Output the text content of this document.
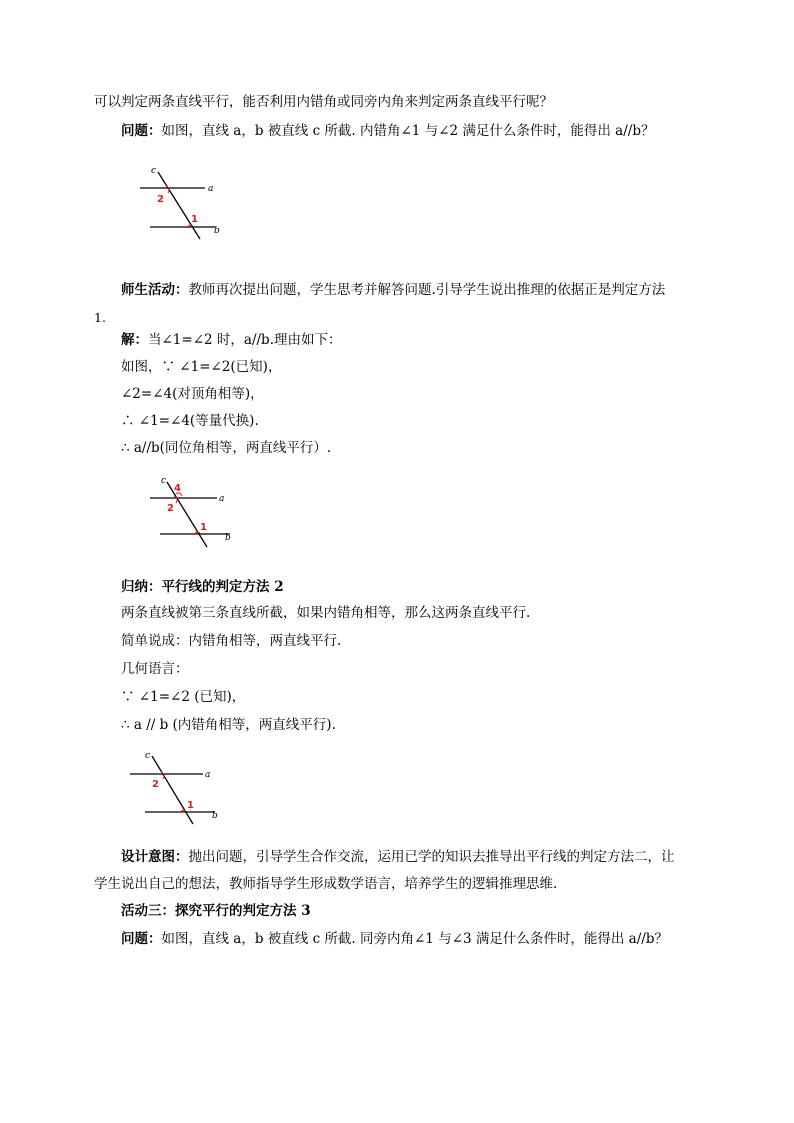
可以判定两条直线平行，能否利用内错角或同旁内角来判定两条直线平行呢？
问题：如图，直线 a，b 被直线 c 所截. 内错角∠1 与∠2 满足什么条件时，能得出 a//b？
c
a
b
2
1
师生活动：教师再次提出问题，学生思考并解答问题.引导学生说出推理的依据正是判定方法
1.
解：当∠1=∠2 时，a//b.理由如下：
如图，∵ ∠1=∠2(已知)，
∠2=∠4(对顶角相等)，
∴ ∠1=∠4(等量代换).
∴ a//b(同位角相等，两直线平行）.
c
a
b
4
2
1
归纳：平行线的判定方法 2
两条直线被第三条直线所截，如果内错角相等，那么这两条直线平行.
简单说成：内错角相等，两直线平行.
几何语言：
∵ ∠1=∠2 (已知)，
∴ a // b (内错角相等，两直线平行).
c
a
b
2
1
设计意图：抛出问题，引导学生合作交流，运用已学的知识去推导出平行线的判定方法二，让
学生说出自己的想法，教师指导学生形成数学语言，培养学生的逻辑推理思维.
活动三：探究平行的判定方法 3
问题：如图，直线 a，b 被直线 c 所截. 同旁内角∠1 与∠3 满足什么条件时，能得出 a//b？
